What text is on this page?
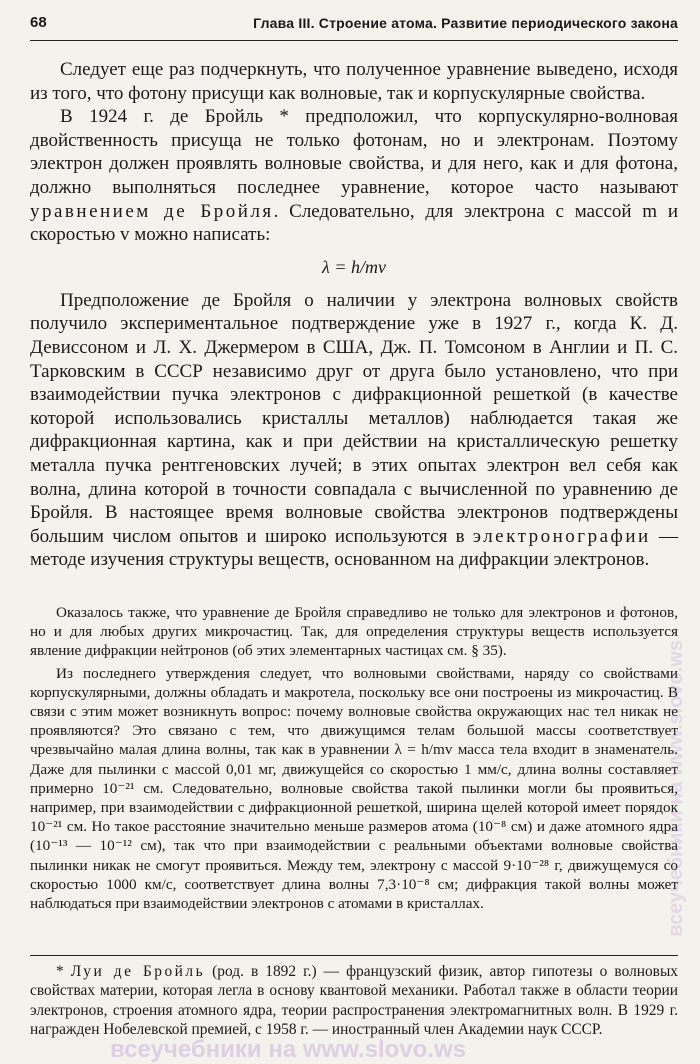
68	Глава III. Строение атома. Развитие периодического закона

Следует еще раз подчеркнуть, что полученное уравнение выведено, исходя из того, что фотону присущи как волновые, так и корпускулярные свойства.

В 1924 г. де Бройль * предположил, что корпускулярно-волновая двойственность присуща не только фотонам, но и электронам. Поэтому электрон должен проявлять волновые свойства, и для него, как и для фотона, должно выполняться последнее уравнение, которое часто называют уравнением де Бройля. Следовательно, для электрона с массой m и скоростью v можно написать:

λ = h/mv

Предположение де Бройля о наличии у электрона волновых свойств получило экспериментальное подтверждение уже в 1927 г., когда К. Д. Девиссоном и Л. Х. Джермером в США, Дж. П. Томсоном в Англии и П. С. Тарковским в СССР независимо друг от друга было установлено, что при взаимодействии пучка электронов с дифракционной решеткой (в качестве которой использовались кристаллы металлов) наблюдается такая же дифракционная картина, как и при действии на кристаллическую решетку металла пучка рентгеновских лучей; в этих опытах электрон вел себя как волна, длина которой в точности совпадала с вычисленной по уравнению де Бройля. В настоящее время волновые свойства электронов подтверждены большим числом опытов и широко используются в электронографии — методе изучения структуры веществ, основанном на дифракции электронов.

Оказалось также, что уравнение де Бройля справедливо не только для электронов и фотонов, но и для любых других микрочастиц. Так, для определения структуры веществ используется явление дифракции нейтронов (об этих элементарных частицах см. § 35).

Из последнего утверждения следует, что волновыми свойствами, наряду со свойствами корпускулярными, должны обладать и макротела, поскольку все они построены из микрочастиц. В связи с этим может возникнуть вопрос: почему волновые свойства окружающих нас тел никак не проявляются? Это связано с тем, что движущимся телам большой массы соответствует чрезвычайно малая длина волны, так как в уравнении λ = h/mv масса тела входит в знаменатель. Даже для пылинки с массой 0,01 мг, движущейся со скоростью 1 мм/с, длина волны составляет примерно 10⁻²¹ см. Следовательно, волновые свойства такой пылинки могли бы проявиться, например, при взаимодействии с дифракционной решеткой, ширина щелей которой имеет порядок 10⁻²¹ см. Но такое расстояние значительно меньше размеров атома (10⁻⁸ см) и даже атомного ядра (10⁻¹³ — 10⁻¹² см), так что при взаимодействии с реальными объектами волновые свойства пылинки никак не смогут проявиться. Между тем, электрону с массой 9·10⁻²⁸ г, движущемуся со скоростью 1000 км/с, соответствует длина волны 7,3·10⁻⁸ см; дифракция такой волны может наблюдаться при взаимодействии электронов с атомами в кристаллах.

* Луи де Бройль (род. в 1892 г.) — французский физик, автор гипотезы о волновых свойствах материи, которая легла в основу квантовой механики. Работал также в области теории электронов, строения атомного ядра, теории распространения электромагнитных волн. В 1929 г. награжден Нобелевской премией, с 1958 г. — иностранный член Академии наук СССР.

всеучебники на www.slovo.ws
всеучебники на www.slovo.ws
